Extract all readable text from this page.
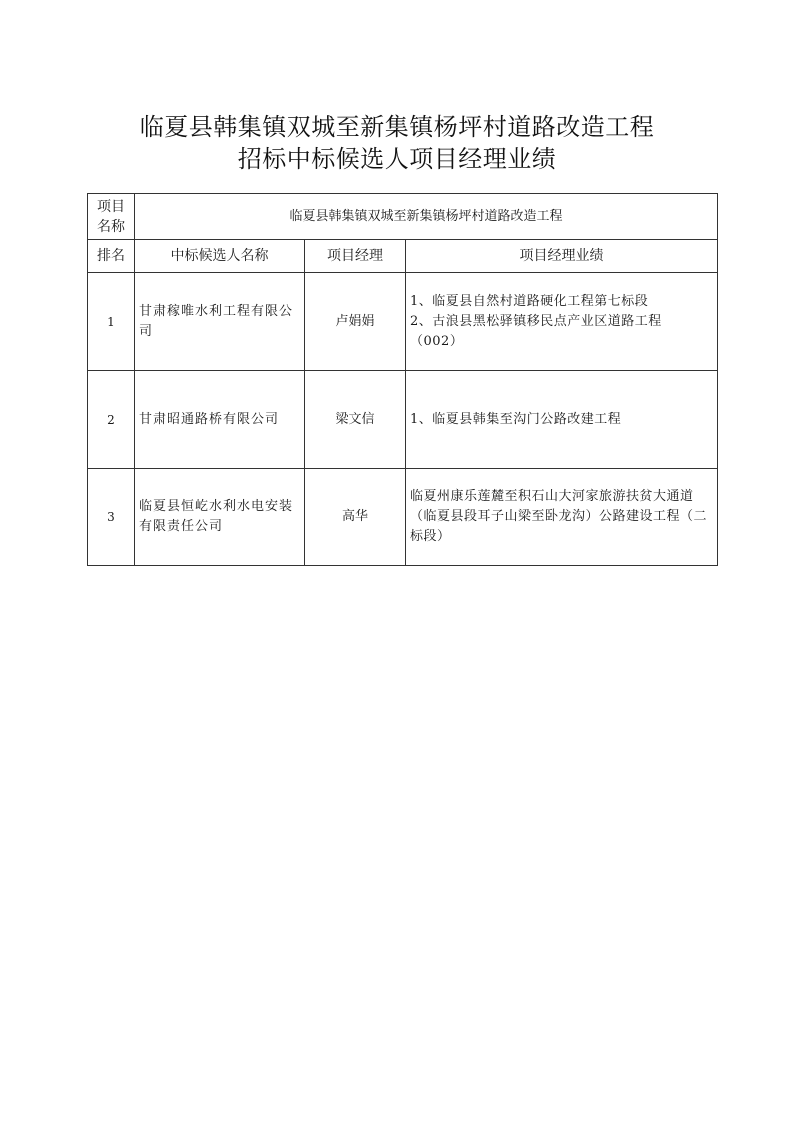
临夏县韩集镇双城至新集镇杨坪村道路改造工程
招标中标候选人项目经理业绩
项目
名称	临夏县韩集镇双城至新集镇杨坪村道路改造工程		
排名	中标候选人名称	项目经理	项目经理业绩
1	甘肃稼唯水利工程有限公司	卢娟娟	1、临夏县自然村道路硬化工程第七标段
2、古浪县黑松驿镇移民点产业区道路工程
（002）

2	甘肃昭通路桥有限公司	梁文信	1、临夏县韩集至沟门公路改建工程

3	临夏县恒屹水利水电安装有限责任公司	高华	临夏州康乐莲麓至积石山大河家旅游扶贫大通道（临夏县段耳子山梁至卧龙沟）公路建设工程（二标段）
